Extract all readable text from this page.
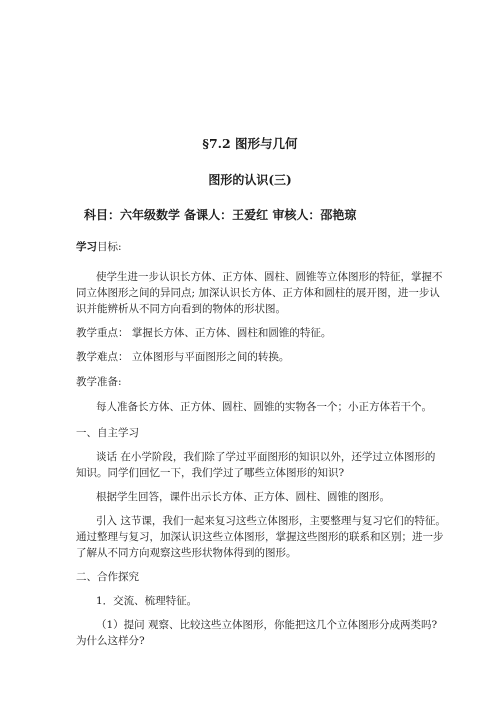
§7.2 图形与几何
图形的认识(三)
科目：六年级数学 备课人：王爱红 审核人：邵艳琼
学习目标:
使学生进一步认识长方体、正方体、圆柱、圆锥等立体图形的特征，掌握不
同立体图形之间的异同点; 加深认识长方体、正方体和圆柱的展开图，进一步认
识并能辨析从不同方向看到的物体的形状图。
教学重点： 掌握长方体、正方体、圆柱和圆锥的特征。
教学难点： 立体图形与平面图形之间的转换。
教学准备:
每人准备长方体、正方体、圆柱、圆锥的实物各一个；小正方体若干个。
一、自主学习
谈话 在小学阶段，我们除了学过平面图形的知识以外，还学过立体图形的
知识。同学们回忆一下，我们学过了哪些立体图形的知识?
根据学生回答，课件出示长方体、正方体、圆柱、圆锥的图形。
引入 这节课，我们一起来复习这些立体图形，主要整理与复习它们的特征。
通过整理与复习，加深认识这些立体图形，掌握这些图形的联系和区别；进一步
了解从不同方向观察这些形状物体得到的图形。
二、合作探究
1．交流、梳理特征。
（1）提问 观察、比较这些立体图形，你能把这几个立体图形分成两类吗?
为什么这样分?
